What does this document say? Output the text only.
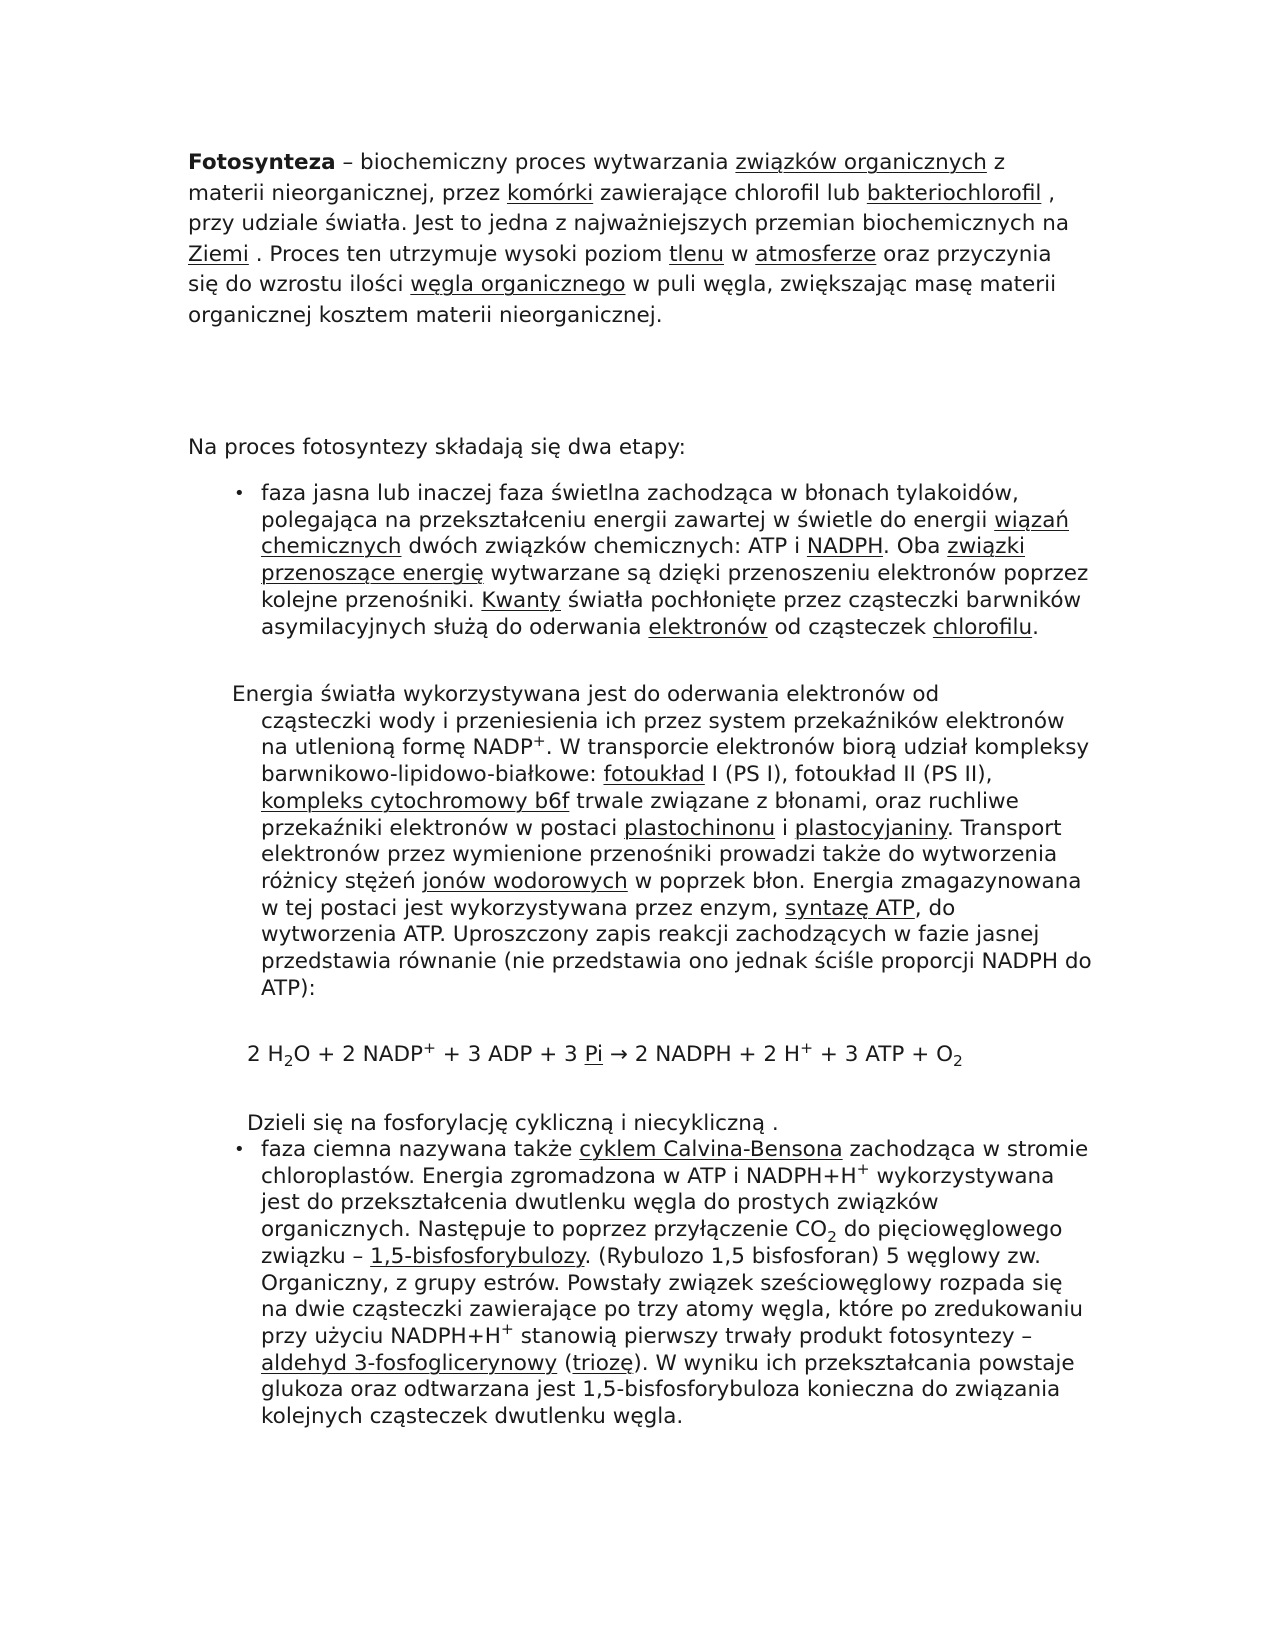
Fotosynteza – biochemiczny proces wytwarzania związków organicznych z materii nieorganicznej, przez komórki zawierające chlorofil lub bakteriochlorofil , przy udziale światła. Jest to jedna z najważniejszych przemian biochemicznych na Ziemi . Proces ten utrzymuje wysoki poziom tlenu w atmosferze oraz przyczynia się do wzrostu ilości węgla organicznego w puli węgla, zwiększając masę materii organicznej kosztem materii nieorganicznej.

Na proces fotosyntezy składają się dwa etapy:

• faza jasna lub inaczej faza świetlna zachodząca w błonach tylakoidów, polegająca na przekształceniu energii zawartej w świetle do energii wiązań chemicznych dwóch związków chemicznych: ATP i NADPH. Oba związki przenoszące energię wytwarzane są dzięki przenoszeniu elektronów poprzez kolejne przenośniki. Kwanty światła pochłonięte przez cząsteczki barwników asymilacyjnych służą do oderwania elektronów od cząsteczek chlorofilu.

Energia światła wykorzystywana jest do oderwania elektronów od
cząsteczki wody i przeniesienia ich przez system przekaźników elektronów na utlenioną formę NADP+. W transporcie elektronów biorą udział kompleksy barwnikowo-lipidowo-białkowe: fotoukład I (PS I), fotoukład II (PS II), kompleks cytochromowy b6f trwale związane z błonami, oraz ruchliwe przekaźniki elektronów w postaci plastochinonu i plastocyjaniny. Transport elektronów przez wymienione przenośniki prowadzi także do wytworzenia różnicy stężeń jonów wodorowych w poprzek błon. Energia zmagazynowana w tej postaci jest wykorzystywana przez enzym, syntazę ATP, do wytworzenia ATP. Uproszczony zapis reakcji zachodzących w fazie jasnej przedstawia równanie (nie przedstawia ono jednak ściśle proporcji NADPH do ATP):

2 $H_2O + 2$ NADP+ + 3 ADP + 3 Pi → 2 NADPH + 2 H+ + 3 ATP + $O_2$

Dzieli się na fosforylację cykliczną i niecykliczną .

• faza ciemna nazywana także cyklem Calvina-Bensona zachodząca w stromie chloroplastów. Energia zgromadzona w ATP i NADPH+H+ wykorzystywana jest do przekształcenia dwutlenku węgla do prostych związków organicznych. Następuje to poprzez przyłączenie $CO_2$ do pięciowęglowego związku – 1,5-bisfosforybulozy. (Rybulozo 1,5 bisfosforan) 5 węglowy zw. Organiczny, z grupy estrów. Powstały związek sześciowęglowy rozpada się na dwie cząsteczki zawierające po trzy atomy węgla, które po zredukowaniu przy użyciu NADPH+H+ stanowią pierwszy trwały produkt fotosyntezy – aldehyd 3-fosfoglicerynowy (triozę). W wyniku ich przekształcania powstaje glukoza oraz odtwarzana jest 1,5-bisfosforybuloza konieczna do związania kolejnych cząsteczek dwutlenku węgla.
